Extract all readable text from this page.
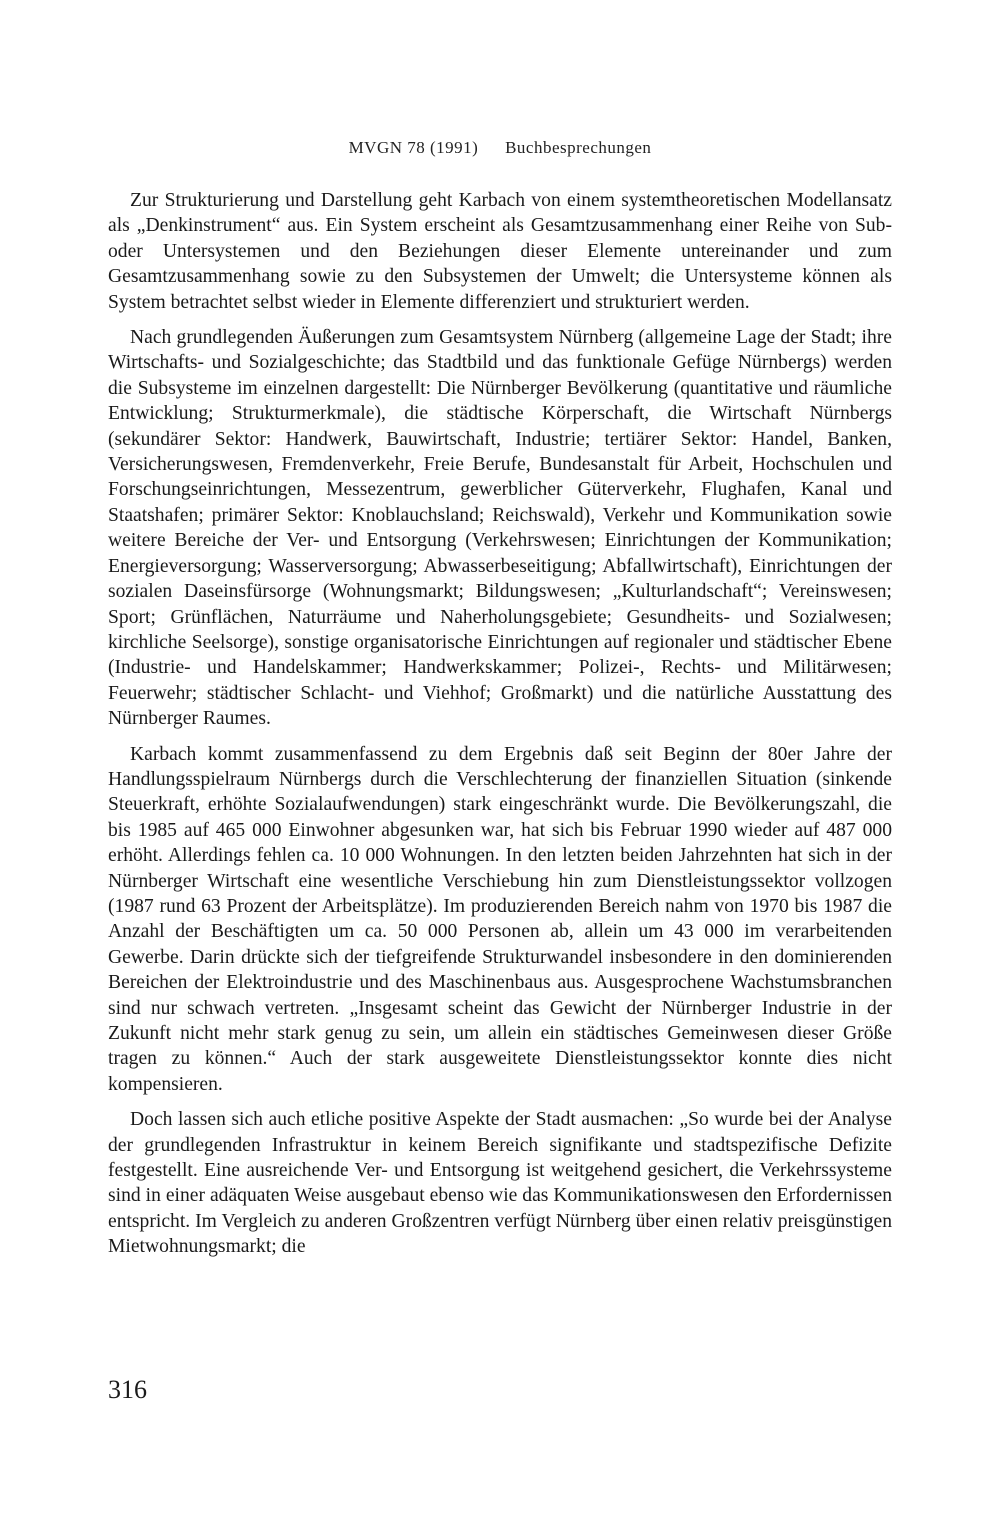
MVGN 78 (1991) Buchbesprechungen

Zur Strukturierung und Darstellung geht Karbach von einem systemtheoretischen Modellansatz als „Denkinstrument“ aus. Ein System erscheint als Gesamtzusammenhang einer Reihe von Sub- oder Untersystemen und den Beziehungen dieser Elemente untereinander und zum Gesamtzusammenhang sowie zu den Subsystemen der Umwelt; die Untersysteme können als System betrachtet selbst wieder in Elemente differenziert und strukturiert werden.

Nach grundlegenden Äußerungen zum Gesamtsystem Nürnberg (allgemeine Lage der Stadt; ihre Wirtschafts- und Sozialgeschichte; das Stadtbild und das funktionale Gefüge Nürnbergs) werden die Subsysteme im einzelnen dargestellt: Die Nürnberger Bevölkerung (quantitative und räumliche Entwicklung; Strukturmerkmale), die städtische Körperschaft, die Wirtschaft Nürnbergs (sekundärer Sektor: Handwerk, Bauwirtschaft, Industrie; tertiärer Sektor: Handel, Banken, Versicherungswesen, Fremdenverkehr, Freie Berufe, Bundesanstalt für Arbeit, Hochschulen und Forschungseinrichtungen, Messezentrum, gewerblicher Güterverkehr, Flughafen, Kanal und Staatshafen; primärer Sektor: Knoblauchsland; Reichswald), Verkehr und Kommunikation sowie weitere Bereiche der Ver- und Entsorgung (Verkehrswesen; Einrichtungen der Kommunikation; Energieversorgung; Wasserversorgung; Abwasserbeseitigung; Abfallwirtschaft), Einrichtungen der sozialen Daseinsfürsorge (Wohnungsmarkt; Bildungswesen; „Kulturlandschaft“; Vereinswesen; Sport; Grünflächen, Naturräume und Naherholungsgebiete; Gesundheits- und Sozialwesen; kirchliche Seelsorge), sonstige organisatorische Einrichtungen auf regionaler und städtischer Ebene (Industrie- und Handelskammer; Handwerkskammer; Polizei-, Rechts- und Militärwesen; Feuerwehr; städtischer Schlacht- und Viehhof; Großmarkt) und die natürliche Ausstattung des Nürnberger Raumes.

Karbach kommt zusammenfassend zu dem Ergebnis daß seit Beginn der 80er Jahre der Handlungsspielraum Nürnbergs durch die Verschlechterung der finanziellen Situation (sinkende Steuerkraft, erhöhte Sozialaufwendungen) stark eingeschränkt wurde. Die Bevölkerungszahl, die bis 1985 auf 465 000 Einwohner abgesunken war, hat sich bis Februar 1990 wieder auf 487 000 erhöht. Allerdings fehlen ca. 10 000 Wohnungen. In den letzten beiden Jahrzehnten hat sich in der Nürnberger Wirtschaft eine wesentliche Verschiebung hin zum Dienstleistungssektor vollzogen (1987 rund 63 Prozent der Arbeitsplätze). Im produzierenden Bereich nahm von 1970 bis 1987 die Anzahl der Beschäftigten um ca. 50 000 Personen ab, allein um 43 000 im verarbeitenden Gewerbe. Darin drückte sich der tiefgreifende Strukturwandel insbesondere in den dominierenden Bereichen der Elektroindustrie und des Maschinenbaus aus. Ausgesprochene Wachstumsbranchen sind nur schwach vertreten. „Insgesamt scheint das Gewicht der Nürnberger Industrie in der Zukunft nicht mehr stark genug zu sein, um allein ein städtisches Gemeinwesen dieser Größe tragen zu können.“ Auch der stark ausgeweitete Dienstleistungssektor konnte dies nicht kompensieren.

Doch lassen sich auch etliche positive Aspekte der Stadt ausmachen: „So wurde bei der Analyse der grundlegenden Infrastruktur in keinem Bereich signifikante und stadtspezifische Defizite festgestellt. Eine ausreichende Ver- und Entsorgung ist weitgehend gesichert, die Verkehrssysteme sind in einer adäquaten Weise ausgebaut ebenso wie das Kommunikationswesen den Erfordernissen entspricht. Im Vergleich zu anderen Großzentren verfügt Nürnberg über einen relativ preisgünstigen Mietwohnungsmarkt; die

316
